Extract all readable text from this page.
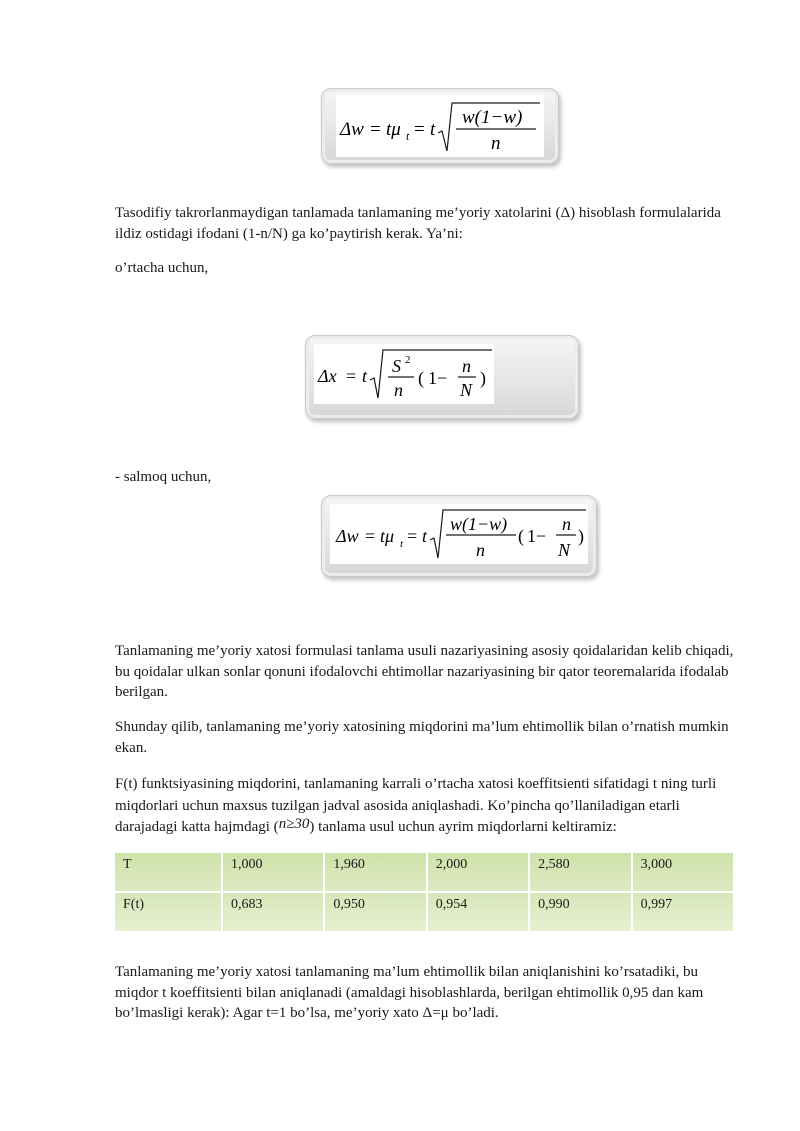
Δw = tμ t = t
w(1−w)
n

Tasodifiy takrorlanmaydigan tanlamada tanlamaning me’yoriy xatolarini (Δ) hisoblash formulalarida ildiz ostidagi ifodani (1-n/N) ga ko’paytirish kerak. Ya’ni:

o’rtacha uchun,

Δx = t S 2
n
( 1−
n
N
)

- salmoq uchun,

Δw = tμ t = t
w(1−w)
n
( 1−
n
N
)

Tanlamaning me’yoriy xatosi formulasi tanlama usuli nazariyasining asosiy qoidalaridan kelib chiqadi, bu qoidalar ulkan sonlar qonuni ifodalovchi ehtimollar nazariyasining bir qator teoremalarida ifodalab berilgan.

Shunday qilib, tanlamaning me’yoriy xatosining miqdorini ma’lum ehtimollik bilan o’rnatish mumkin ekan.

F(t) funktsiyasining miqdorini, tanlamaning karrali o’rtacha xatosi koeffitsienti sifatidagi t ning turli miqdorlari uchun maxsus tuzilgan jadval asosida aniqlashadi. Ko’pincha qo’llaniladigan etarli darajadagi katta hajmdagi (n≥30) tanlama usul uchun ayrim miqdorlarni keltiramiz:

T	1,000	1,960	2,000	2,580	3,000
F(t)	0,683	0,950	0,954	0,990	0,997

Tanlamaning me’yoriy xatosi tanlamaning ma’lum ehtimollik bilan aniqlanishini ko’rsatadiki, bu miqdor t koeffitsienti bilan aniqlanadi (amaldagi hisoblashlarda, berilgan ehtimollik 0,95 dan kam bo’lmasligi kerak): Agar t=1 bo’lsa, me’yoriy xato Δ=μ bo’ladi.
